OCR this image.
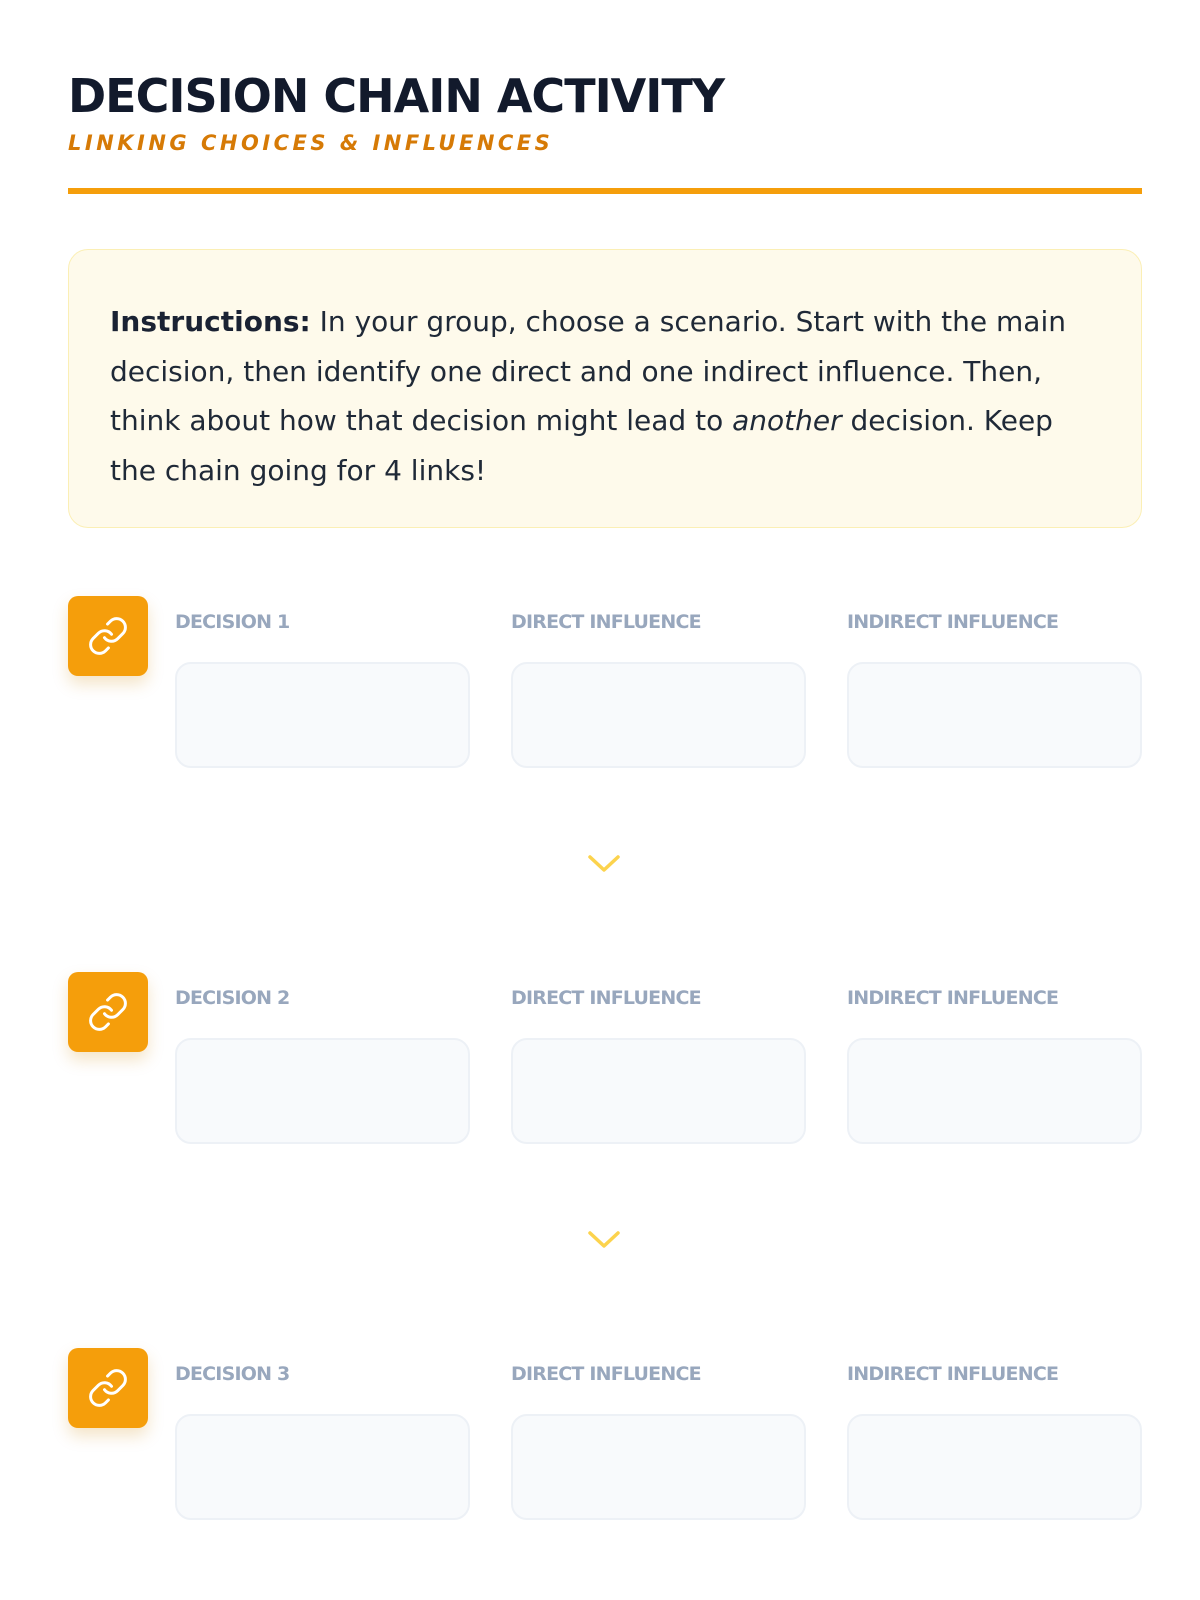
DECISION CHAIN ACTIVITY
LINKING CHOICES & INFLUENCES
Instructions: In your group, choose a scenario. Start with the main decision, then identify one direct and one indirect influence. Then, think about how that decision might lead to another decision. Keep the chain going for 4 links!
DECISION 1	DIRECT INFLUENCE	INDIRECT INFLUENCE
DECISION 2	DIRECT INFLUENCE	INDIRECT INFLUENCE
DECISION 3	DIRECT INFLUENCE	INDIRECT INFLUENCE
